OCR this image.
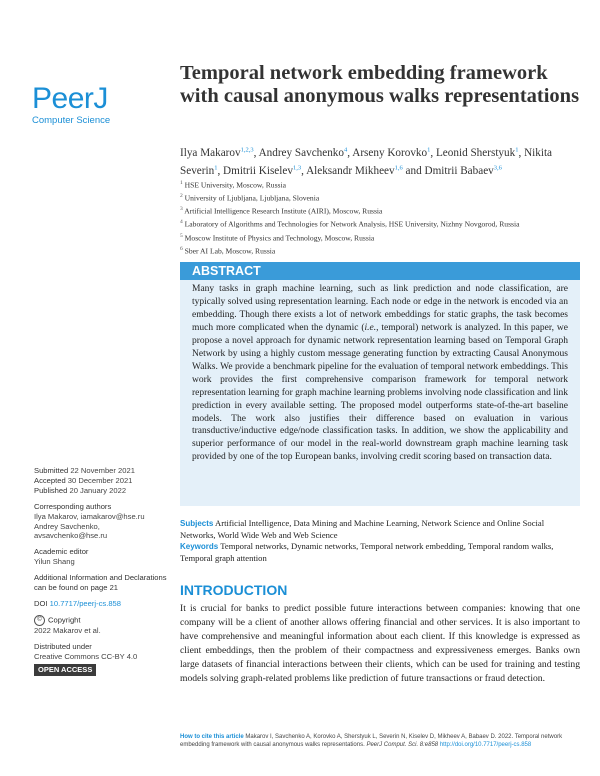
PeerJ
Computer Science
Temporal network embedding framework with causal anonymous walks representations
Ilya Makarov$^{1,2,3}$, Andrey Savchenko$^4$, Arseny Korovko$^1$, Leonid Sherstyuk$^1$, Nikita Severin$^1$, Dmitrii Kiselev$^{1,3}$, Aleksandr Mikheev$^{1,6}$ and Dmitrii Babaev$^{3,6}$
$^1$ HSE University, Moscow, Russia
$^2$ University of Ljubljana, Ljubljana, Slovenia
$^3$ Artificial Intelligence Research Institute (AIRI), Moscow, Russia
$^4$ Laboratory of Algorithms and Technologies for Network Analysis, HSE University, Nizhny Novgorod, Russia
$^5$ Moscow Institute of Physics and Technology, Moscow, Russia
$^6$ Sber AI Lab, Moscow, Russia
ABSTRACT
Many tasks in graph machine learning, such as link prediction and node classification, are typically solved using representation learning. Each node or edge in the network is encoded via an embedding. Though there exists a lot of network embeddings for static graphs, the task becomes much more complicated when the dynamic (i.e., temporal) network is analyzed. In this paper, we propose a novel approach for dynamic network representation learning based on Temporal Graph Network by using a highly custom message generating function by extracting Causal Anonymous Walks. We provide a benchmark pipeline for the evaluation of temporal network embeddings. This work provides the first comprehensive comparison framework for temporal network representation learning for graph machine learning problems involving node classification and link prediction in every available setting. The proposed model outperforms state-of-the-art baseline models. The work also justifies their difference based on evaluation in various transductive/inductive edge/node classification tasks. In addition, we show the applicability and superior performance of our model in the real-world downstream graph machine learning task provided by one of the top European banks, involving credit scoring based on transaction data.
Subjects Artificial Intelligence, Data Mining and Machine Learning, Network Science and Online Social Networks, World Wide Web and Web Science
Keywords Temporal networks, Dynamic networks, Temporal network embedding, Temporal random walks, Temporal graph attention
INTRODUCTION
It is crucial for banks to predict possible future interactions between companies: knowing that one company will be a client of another allows offering financial and other services. It is also important to have comprehensive and meaningful information about each client. If this knowledge is expressed as client embeddings, then the problem of their compactness and expressiveness emerges. Banks own large datasets of financial interactions between their clients, which can be used for training and testing models solving graph-related problems like prediction of future transactions or fraud detection.
Submitted 22 November 2021
Accepted 30 December 2021
Published 20 January 2022
Corresponding authors
Ilya Makarov, iamakarov@hse.ru
Andrey Savchenko,
avsavchenko@hse.ru
Academic editor
Yilun Shang
Additional Information and Declarations can be found on page 21
DOI 10.7717/peerj-cs.858
© Copyright
2022 Makarov et al.
Distributed under
Creative Commons CC-BY 4.0
OPEN ACCESS
How to cite this article Makarov I, Savchenko A, Korovko A, Sherstyuk L, Severin N, Kiselev D, Mikheev A, Babaev D. 2022. Temporal network embedding framework with causal anonymous walks representations. PeerJ Comput. Sci. 8:e858 http://doi.org/10.7717/peerj-cs.858
